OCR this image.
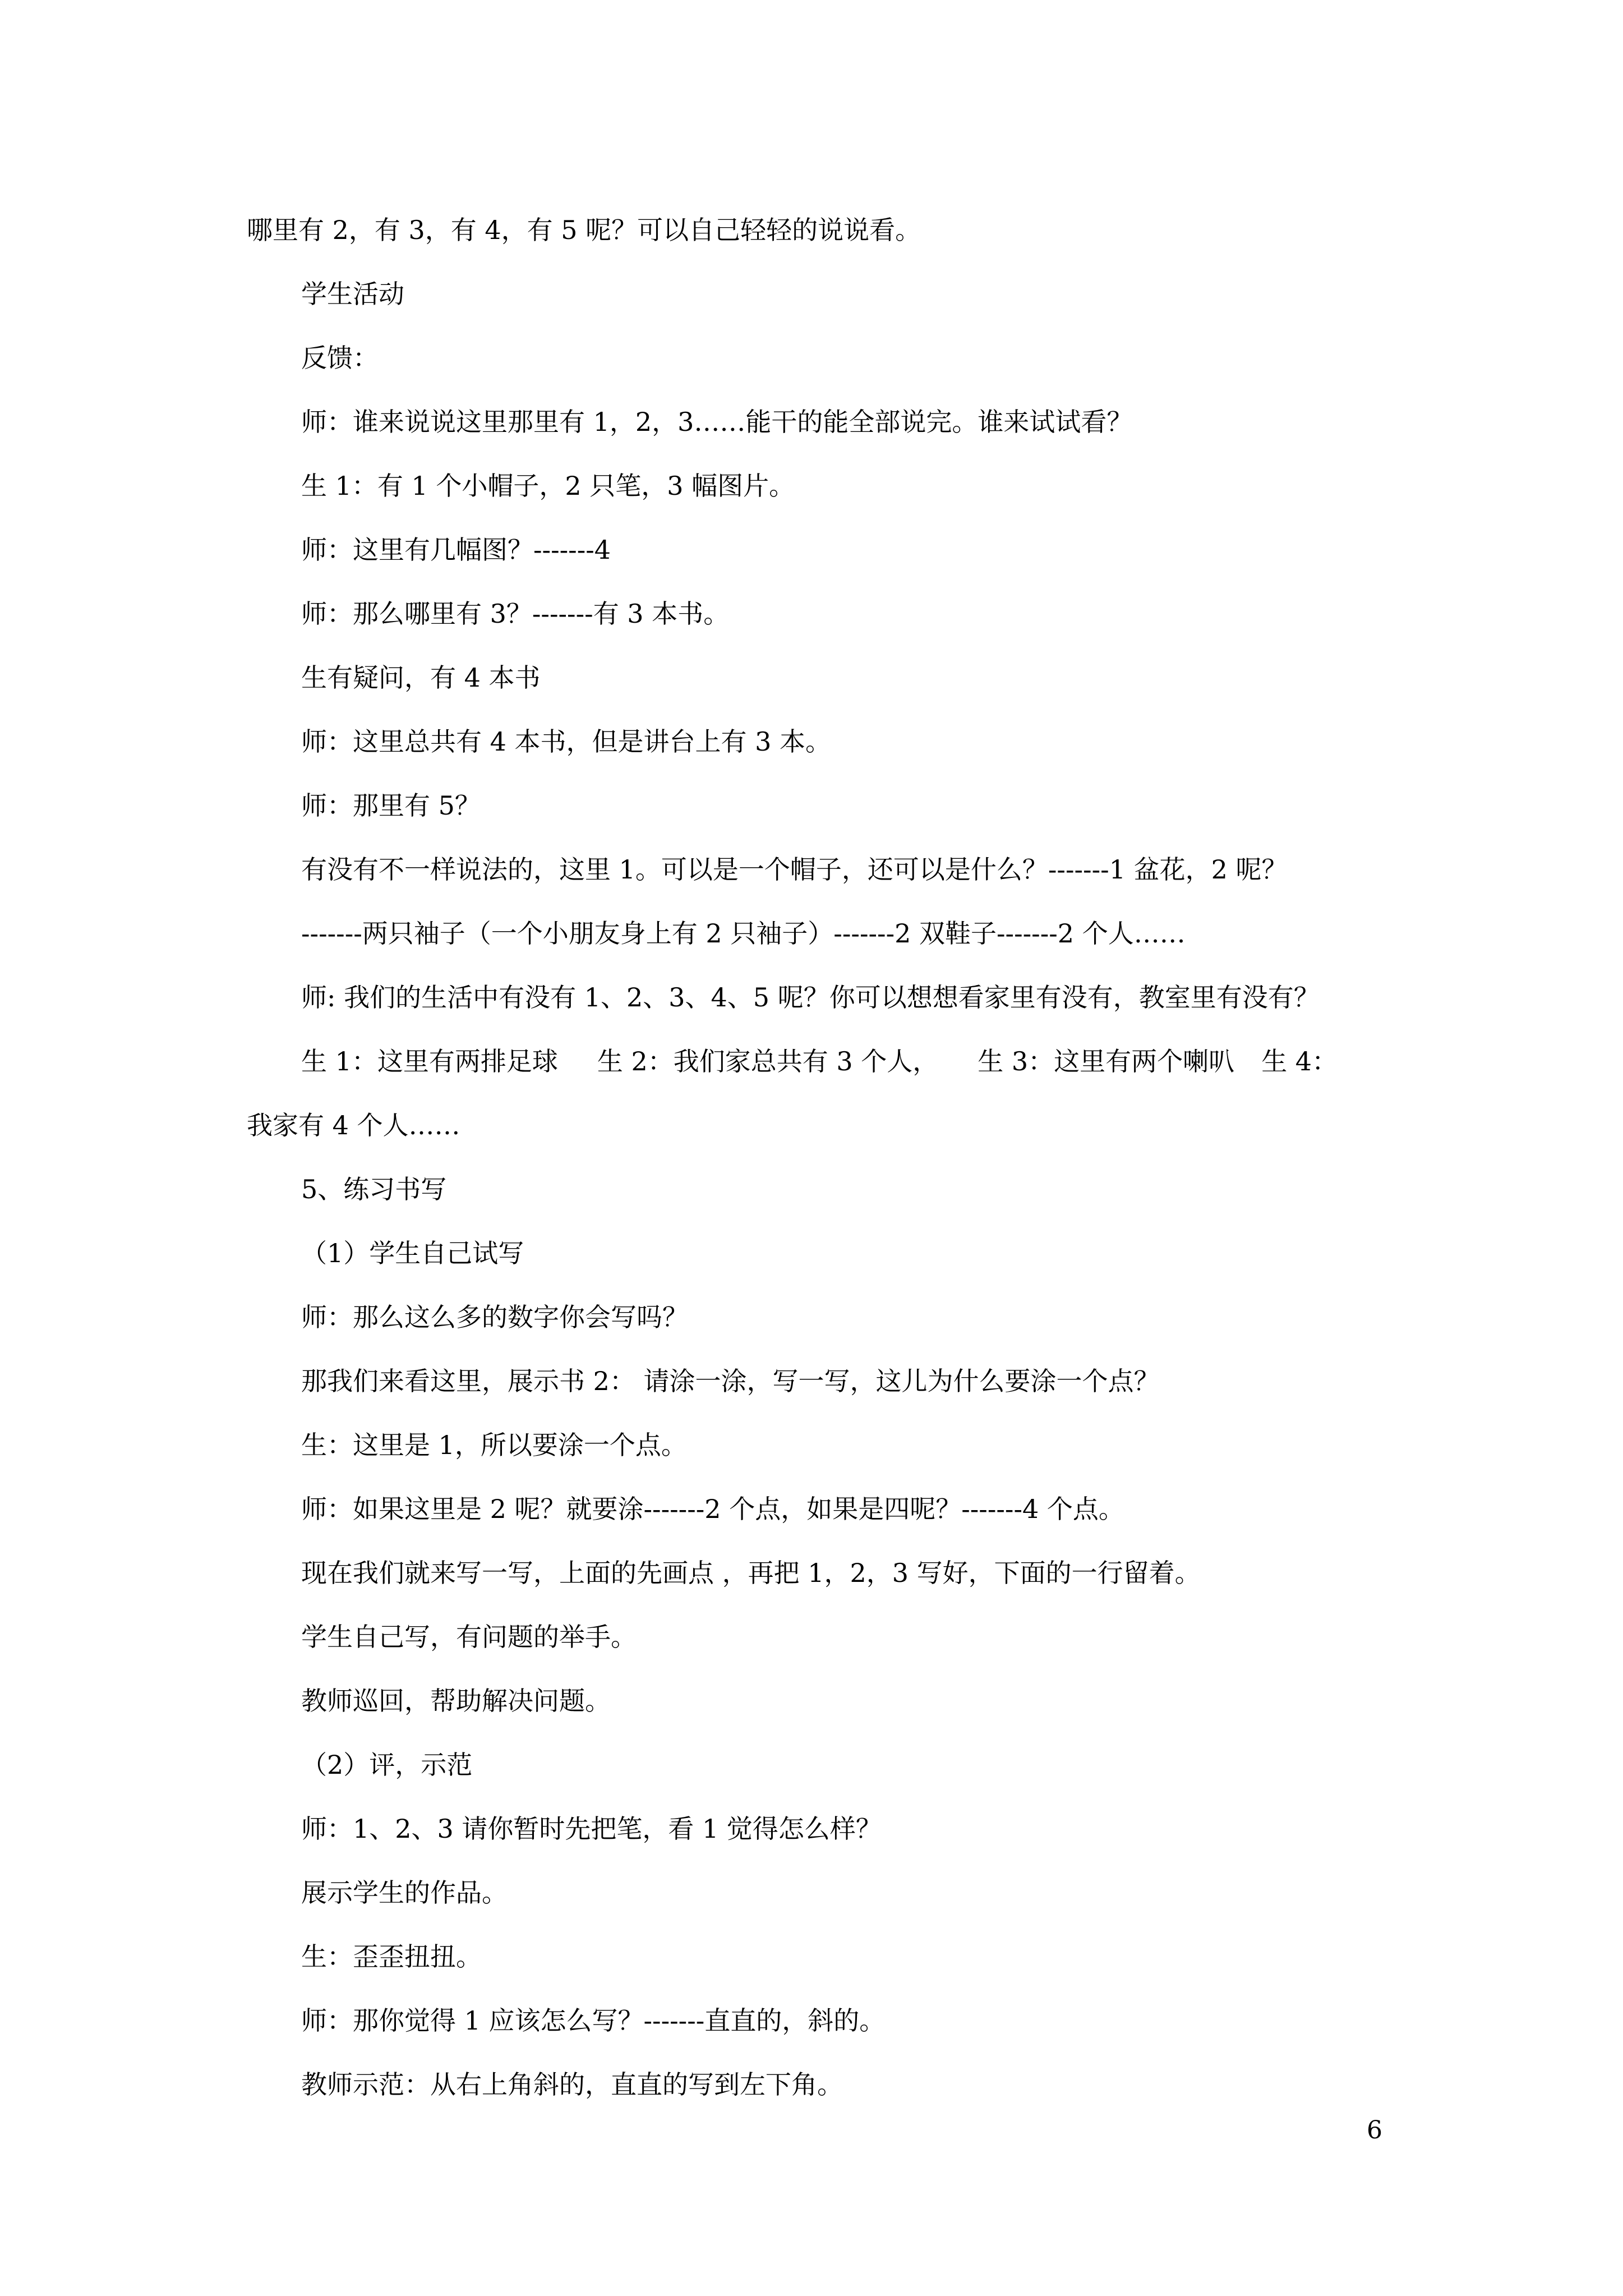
哪里有 2，有 3，有 4，有 5 呢？可以自己轻轻的说说看。
学生活动
反馈：
师：谁来说说这里那里有 1，2，3……能干的能全部说完。谁来试试看？
生 1：有 1 个小帽子，2 只笔，3 幅图片。
师：这里有几幅图？-------4
师：那么哪里有 3？-------有 3 本书。
生有疑问，有 4 本书
师：这里总共有 4 本书，但是讲台上有 3 本。
师：那里有 5？
有没有不一样说法的，这里 1。可以是一个帽子，还可以是什么？-------1 盆花，2 呢？
-------两只袖子（一个小朋友身上有 2 只袖子）-------2 双鞋子-------2 个人……
师: 我们的生活中有没有 1、2、3、4、5 呢？你可以想想看家里有没有，教室里有没有？
生 1：这里有两排足球 生 2：我们家总共有 3 个人， 生 3：这里有两个喇叭 生 4：
我家有 4 个人……
5、练习书写
（1）学生自己试写
师：那么这么多的数字你会写吗？
那我们来看这里，展示书 2： 请涂一涂，写一写，这儿为什么要涂一个点？
生：这里是 1，所以要涂一个点。
师：如果这里是 2 呢？就要涂-------2 个点，如果是四呢？-------4 个点。
现在我们就来写一写，上面的先画点 ，再把 1，2，3 写好，下面的一行留着。
学生自己写，有问题的举手。
教师巡回，帮助解决问题。
（2）评，示范
师：1、2、3 请你暂时先把笔，看 1 觉得怎么样？
展示学生的作品。
生：歪歪扭扭。
师：那你觉得 1 应该怎么写？-------直直的，斜的。
教师示范：从右上角斜的，直直的写到左下角。
6
